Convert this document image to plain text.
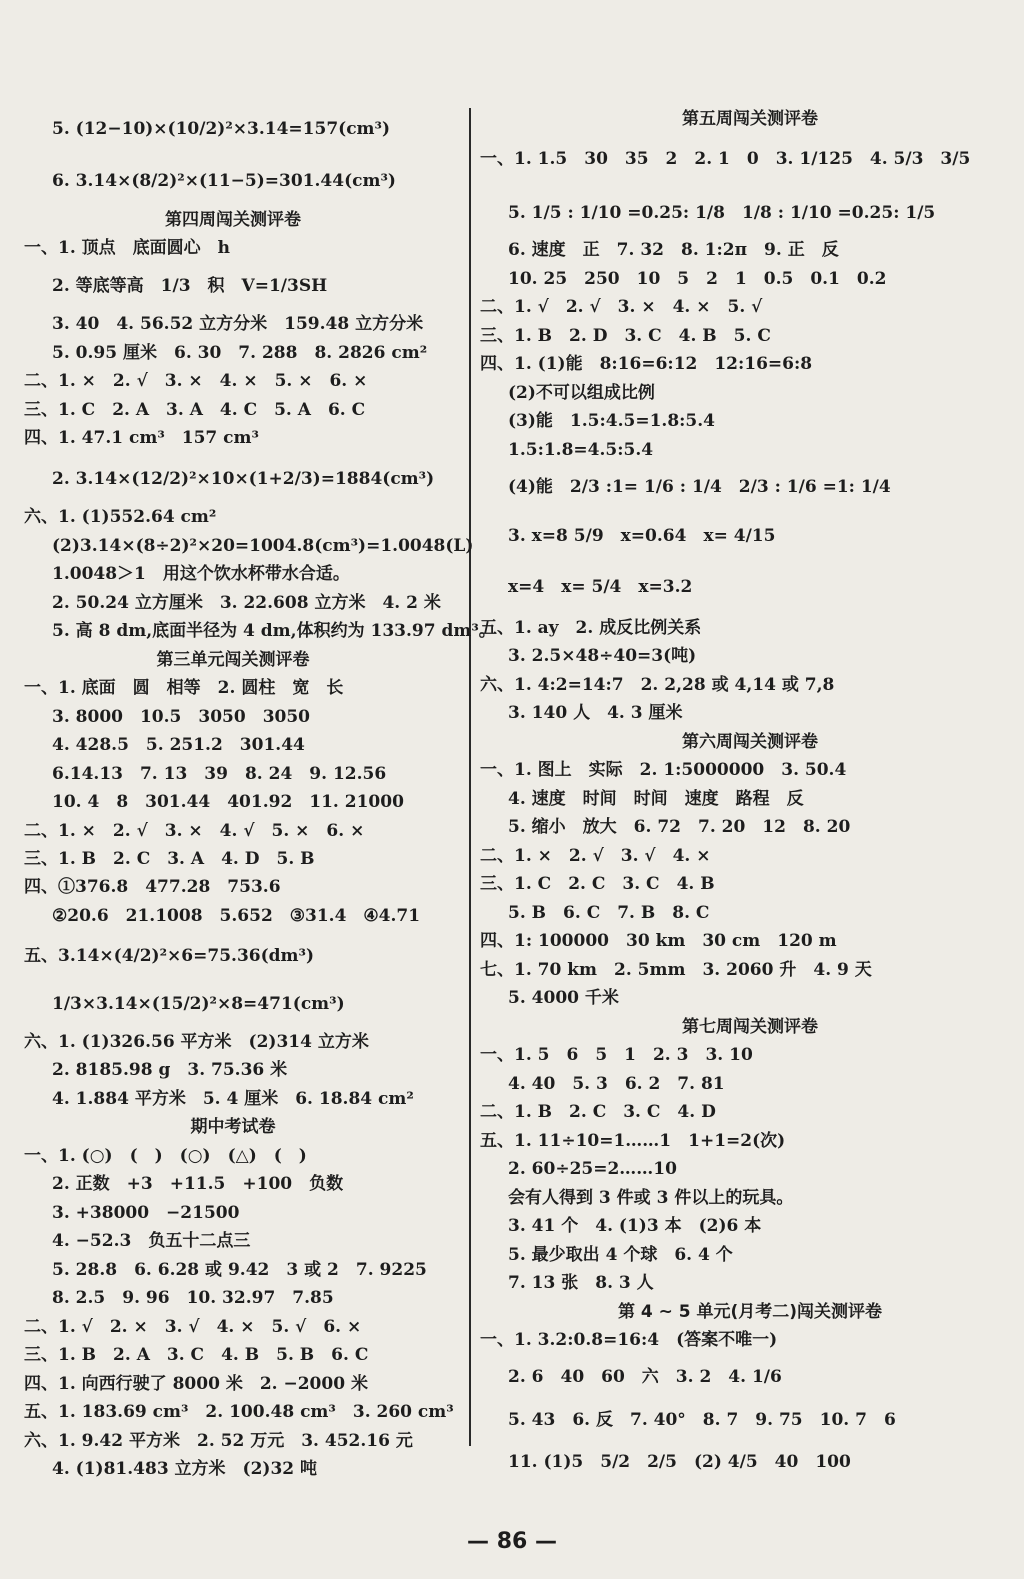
5. (12−10)×(10/2)²×3.14=157(cm³)
6. 3.14×(8/2)²×(11−5)=301.44(cm³)
第四周闯关测评卷
一、1. 顶点　底面圆心　h
2. 等底等高　1/3　积　V=1/3SH
3. 40　4. 56.52 立方分米　159.48 立方分米
5. 0.95 厘米　6. 30　7. 288　8. 2826 cm²
二、1. ×　2. √　3. ×　4. ×　5. ×　6. ×
三、1. C　2. A　3. A　4. C　5. A　6. C
四、1. 47.1 cm³　157 cm³
2. 3.14×(12/2)²×10×(1+2/3)=1884(cm³)
六、1. (1)552.64 cm²
(2)3.14×(8÷2)²×20=1004.8(cm³)=1.0048(L)
1.0048＞1　用这个饮水杯带水合适。
2. 50.24 立方厘米　3. 22.608 立方米　4. 2 米
5. 高 8 dm,底面半径为 4 dm,体积约为 133.97 dm³。
第三单元闯关测评卷
一、1. 底面　圆　相等　2. 圆柱　宽　长
3. 8000　10.5　3050　3050
4. 428.5　5. 251.2　301.44
6.14.13　7. 13　39　8. 24　9. 12.56
10. 4　8　301.44　401.92　11. 21000
二、1. ×　2. √　3. ×　4. √　5. ×　6. ×
三、1. B　2. C　3. A　4. D　5. B
四、①376.8　477.28　753.6
②20.6　21.1008　5.652　③31.4　④4.71
五、3.14×(4/2)²×6=75.36(dm³)
1/3×3.14×(15/2)²×8=471(cm³)
六、1. (1)326.56 平方米　(2)314 立方米
2. 8185.98 g　3. 75.36 米
4. 1.884 平方米　5. 4 厘米　6. 18.84 cm²
期中考试卷
一、1. (○)　(　)　(○)　(△)　(　)
2. 正数　+3　+11.5　+100　负数
3. +38000　−21500
4. −52.3　负五十二点三
5. 28.8　6. 6.28 或 9.42　3 或 2　7. 9225
8. 2.5　9. 96　10. 32.97　7.85
二、1. √　2. ×　3. √　4. ×　5. √　6. ×
三、1. B　2. A　3. C　4. B　5. B　6. C
四、1. 向西行驶了 8000 米　2. −2000 米
五、1. 183.69 cm³　2. 100.48 cm³　3. 260 cm³
六、1. 9.42 平方米　2. 52 万元　3. 452.16 元
4. (1)81.483 立方米　(2)32 吨
第五周闯关测评卷
一、1. 1.5　30　35　2　2. 1　0　3. 1/125　4. 5/3　3/5
5. 1/5 : 1/10 =0.25: 1/8　1/8 : 1/10 =0.25: 1/5
6. 速度　正　7. 32　8. 1:2π　9. 正　反
10. 25　250　10　5　2　1　0.5　0.1　0.2
二、1. √　2. √　3. ×　4. ×　5. √
三、1. B　2. D　3. C　4. B　5. C
四、1. (1)能　8:16=6:12　12:16=6:8
(2)不可以组成比例
(3)能　1.5:4.5=1.8:5.4
1.5:1.8=4.5:5.4
(4)能　2/3 :1= 1/6 : 1/4　2/3 : 1/6 =1: 1/4
3. x=8 5/9　x=0.64　x= 4/15
x=4　x= 5/4　x=3.2
五、1. ay　2. 成反比例关系
3. 2.5×48÷40=3(吨)
六、1. 4:2=14:7　2. 2,28 或 4,14 或 7,8
3. 140 人　4. 3 厘米
第六周闯关测评卷
一、1. 图上　实际　2. 1:5000000　3. 50.4
4. 速度　时间　时间　速度　路程　反
5. 缩小　放大　6. 72　7. 20　12　8. 20
二、1. ×　2. √　3. √　4. ×
三、1. C　2. C　3. C　4. B
5. B　6. C　7. B　8. C
四、1: 100000　30 km　30 cm　120 m
七、1. 70 km　2. 5mm　3. 2060 升　4. 9 天
5. 4000 千米
第七周闯关测评卷
一、1. 5　6　5　1　2. 3　3. 10
4. 40　5. 3　6. 2　7. 81
二、1. B　2. C　3. C　4. D
五、1. 11÷10=1……1　1+1=2(次)
2. 60÷25=2……10
会有人得到 3 件或 3 件以上的玩具。
3. 41 个　4. (1)3 本　(2)6 本
5. 最少取出 4 个球　6. 4 个
7. 13 张　8. 3 人
第 4 ~ 5 单元(月考二)闯关测评卷
一、1. 3.2:0.8=16:4　(答案不唯一)
2. 6　40　60　六　3. 2　4. 1/6
5. 43　6. 反　7. 40°　8. 7　9. 75　10. 7　6
11. (1)5　5/2　2/5　(2) 4/5　40　100
— 86 —
